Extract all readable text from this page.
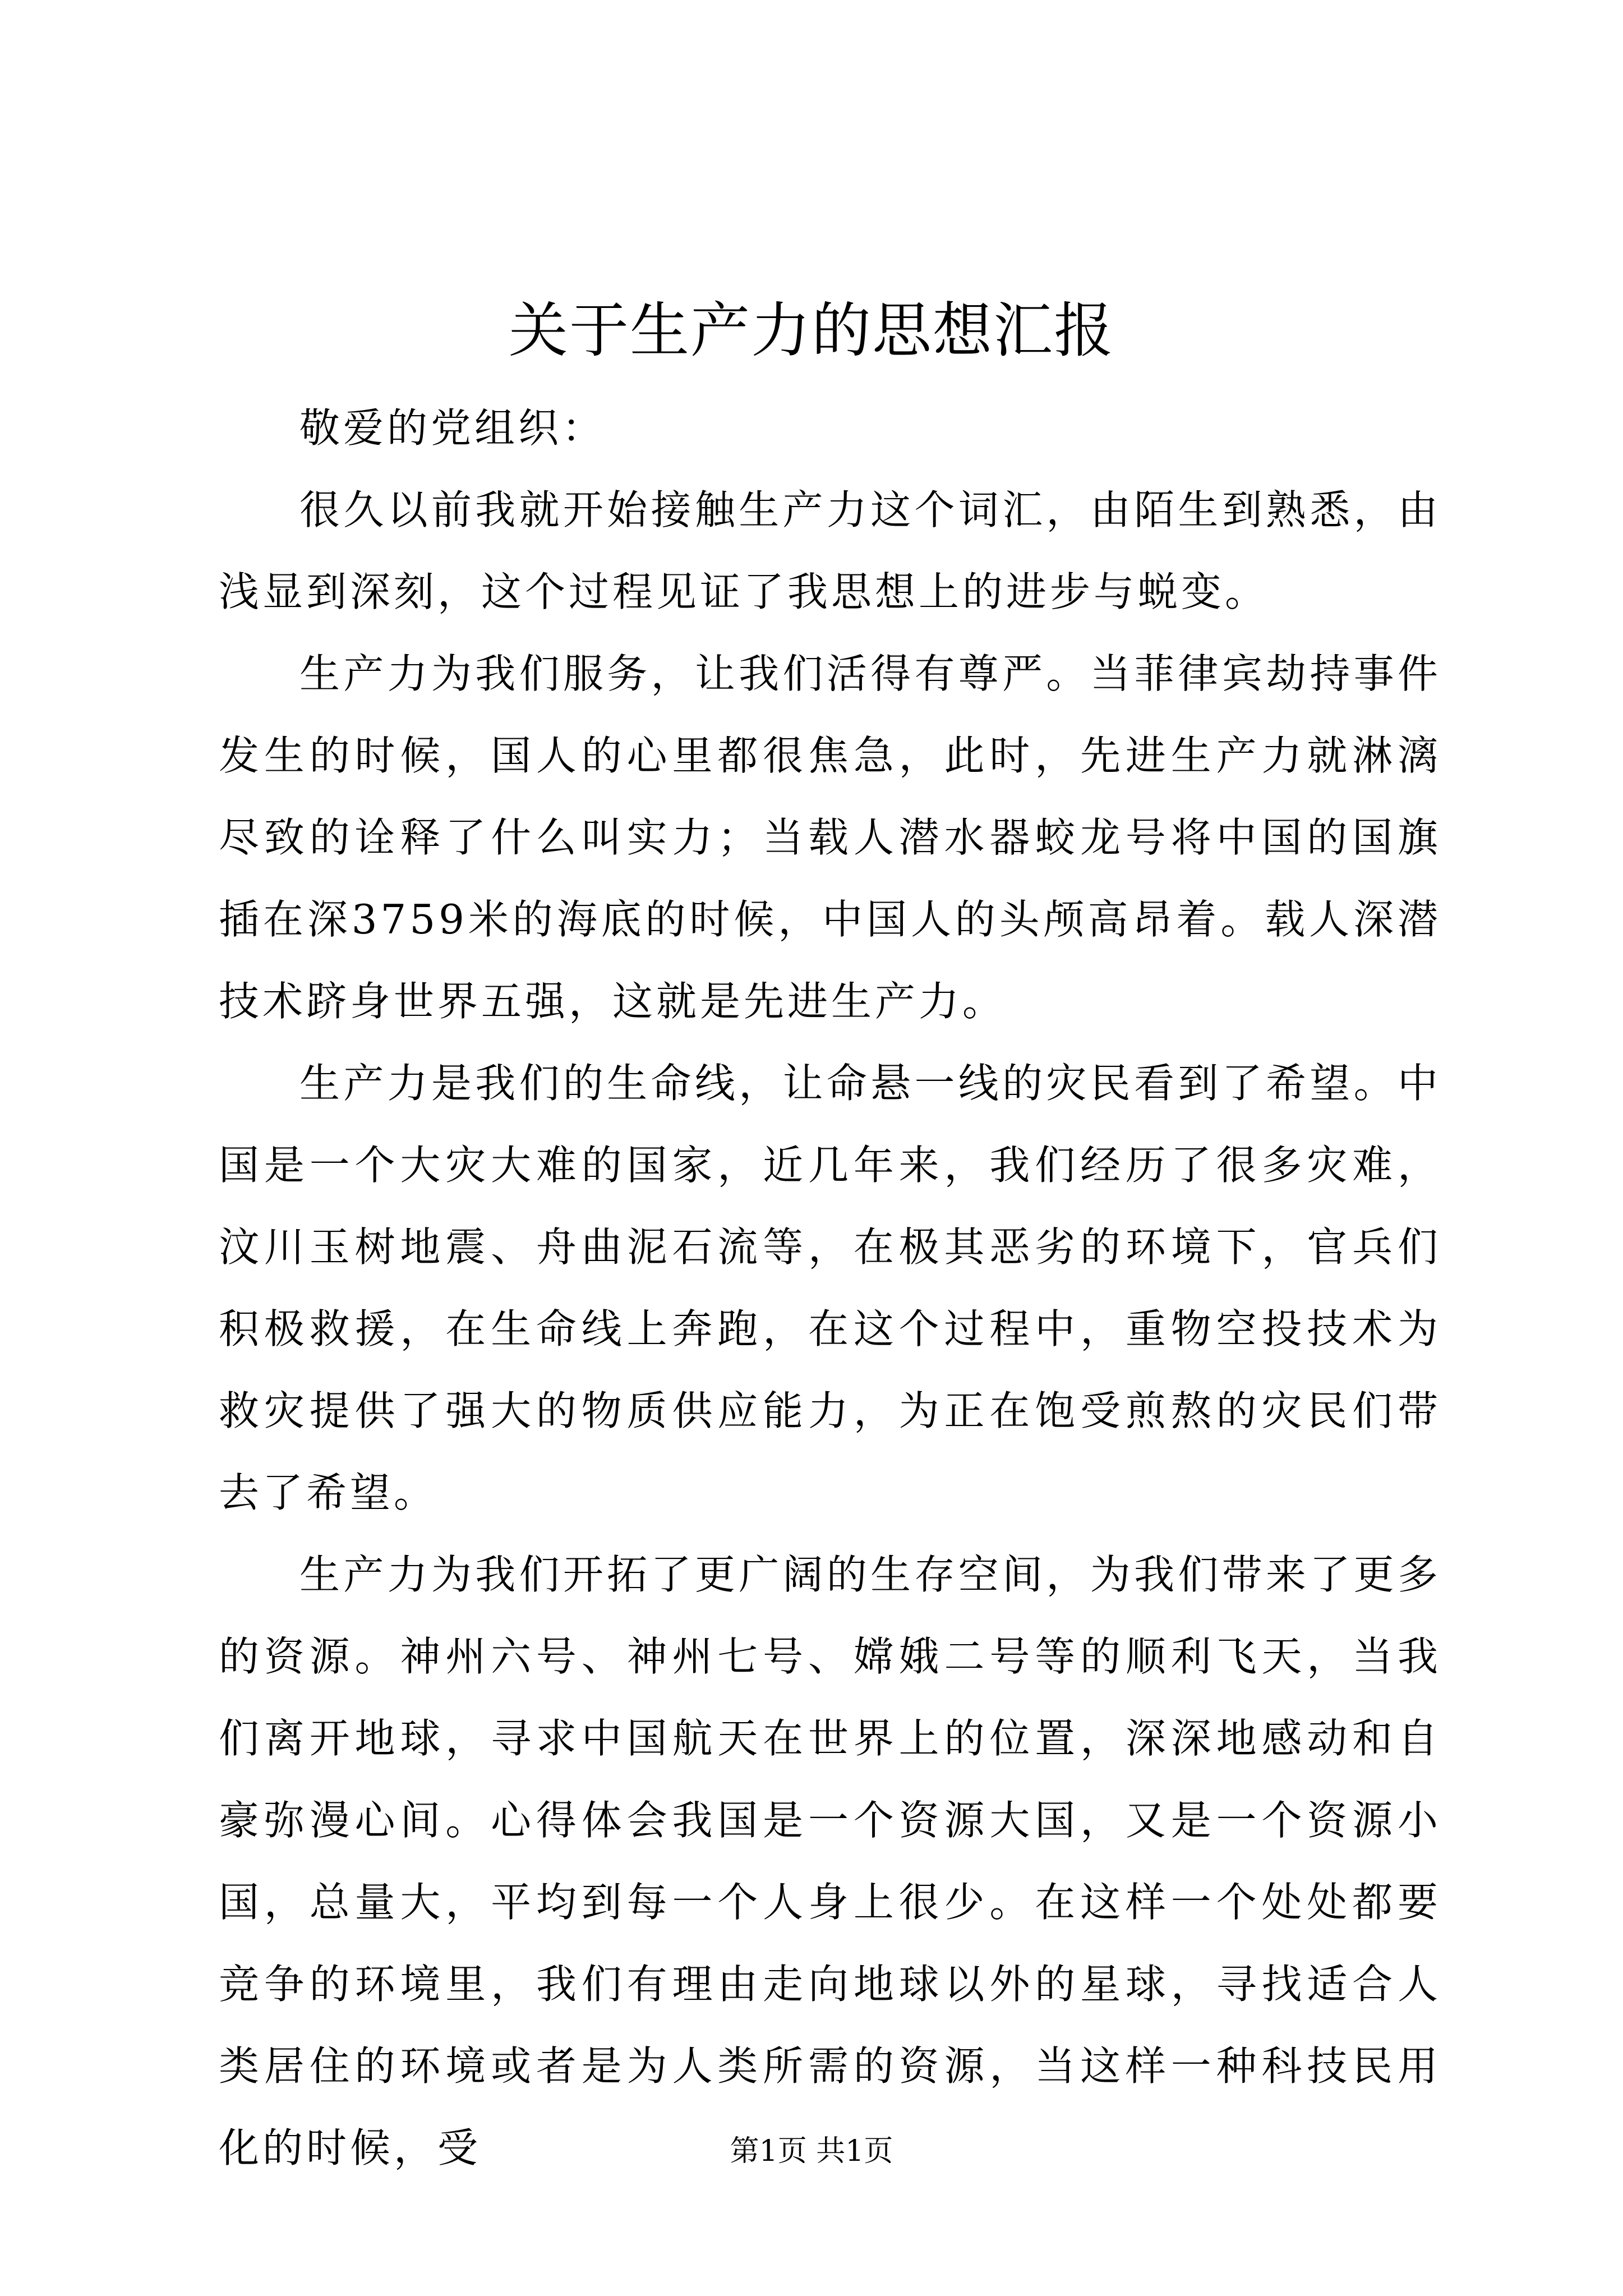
关于生产力的思想汇报

敬爱的党组织：

很久以前我就开始接触生产力这个词汇，由陌生到熟悉，由浅显到深刻，这个过程见证了我思想上的进步与蜕变。

生产力为我们服务，让我们活得有尊严。当菲律宾劫持事件发生的时候，国人的心里都很焦急，此时，先进生产力就淋漓尽致的诠释了什么叫实力；当载人潜水器蛟龙号将中国的国旗插在深3759米的海底的时候，中国人的头颅高昂着。载人深潜技术跻身世界五强，这就是先进生产力。

生产力是我们的生命线，让命悬一线的灾民看到了希望。中国是一个大灾大难的国家，近几年来，我们经历了很多灾难，汶川玉树地震、舟曲泥石流等，在极其恶劣的环境下，官兵们积极救援，在生命线上奔跑，在这个过程中，重物空投技术为救灾提供了强大的物质供应能力，为正在饱受煎熬的灾民们带去了希望。

生产力为我们开拓了更广阔的生存空间，为我们带来了更多的资源。神州六号、神州七号、嫦娥二号等的顺利飞天，当我们离开地球，寻求中国航天在世界上的位置，深深地感动和自豪弥漫心间。心得体会我国是一个资源大国，又是一个资源小国，总量大，平均到每一个人身上很少。在这样一个处处都要竞争的环境里，我们有理由走向地球以外的星球，寻找适合人类居住的环境或者是为人类所需的资源，当这样一种科技民用化的时候，受	第1页 共1页
